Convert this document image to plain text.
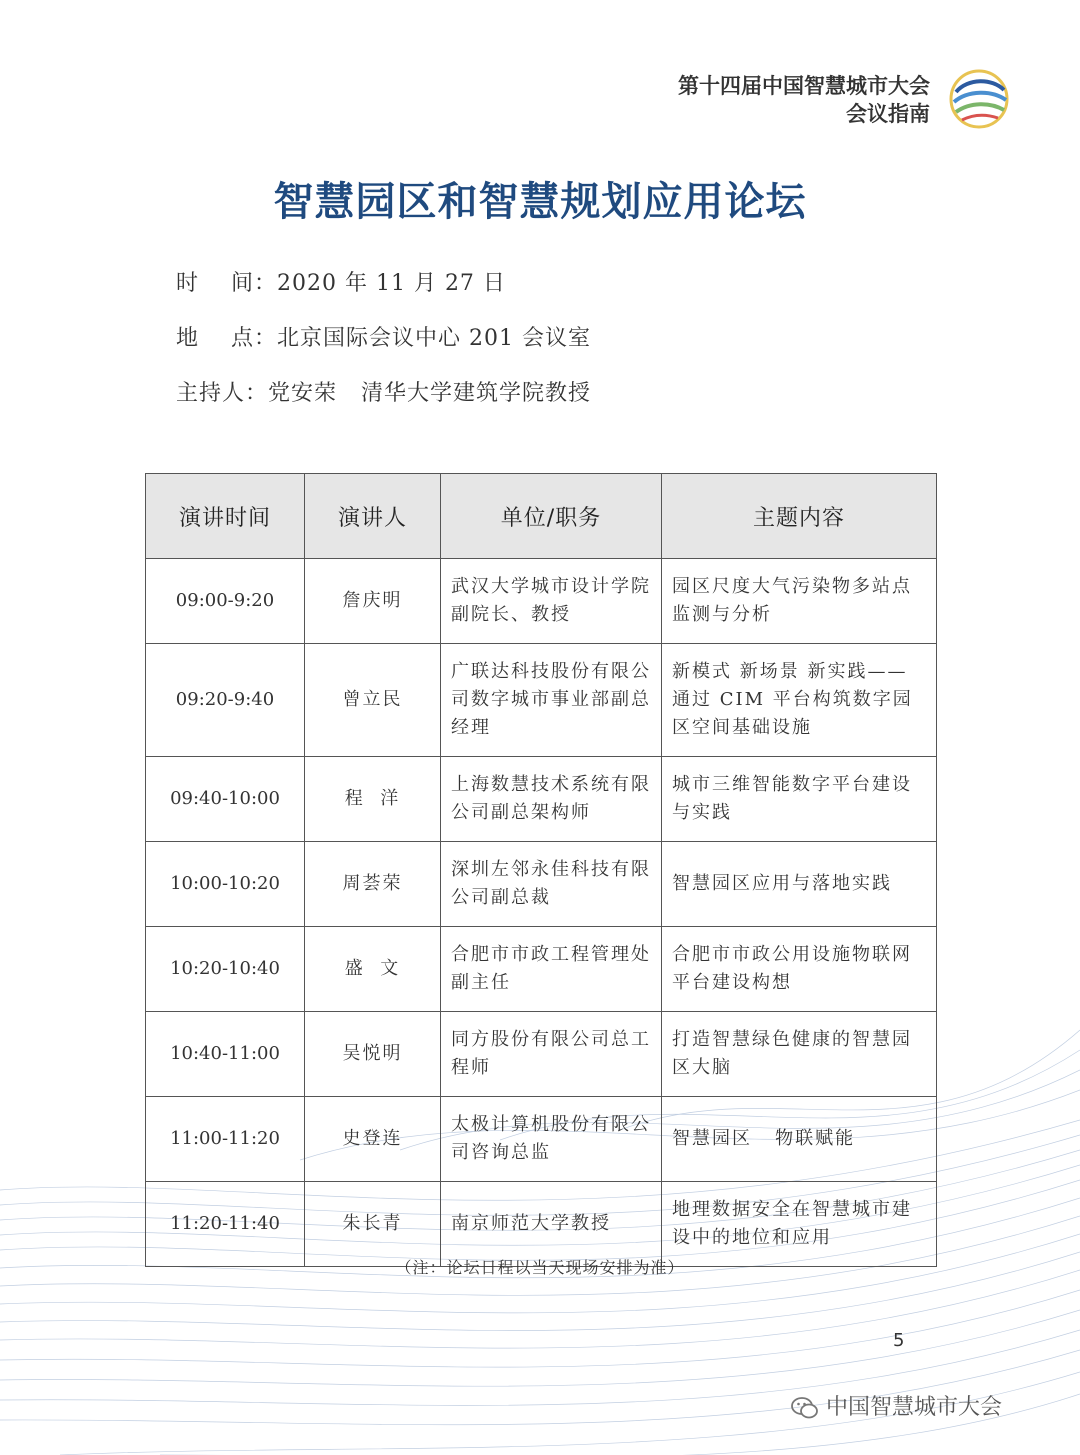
第十四届中国智慧城市大会
会议指南
智慧园区和智慧规划应用论坛
时    间：2020 年 11 月 27 日
地    点：北京国际会议中心 201 会议室
主持人：党安荣   清华大学建筑学院教授
演讲时间	演讲人	单位/职务	主题内容
09:00-9:20	詹庆明	武汉大学城市设计学院副院长、教授	园区尺度大气污染物多站点监测与分析
09:20-9:40	曾立民	广联达科技股份有限公司数字城市事业部副总经理	新模式 新场景 新实践——通过 CIM 平台构筑数字园区空间基础设施
09:40-10:00	程  洋	上海数慧技术系统有限公司副总架构师	城市三维智能数字平台建设与实践
10:00-10:20	周荟荣	深圳左邻永佳科技有限公司副总裁	智慧园区应用与落地实践
10:20-10:40	盛  文	合肥市市政工程管理处副主任	合肥市市政公用设施物联网平台建设构想
10:40-11:00	吴悦明	同方股份有限公司总工程师	打造智慧绿色健康的智慧园区大脑
11:00-11:20	史登连	太极计算机股份有限公司咨询总监	智慧园区   物联赋能
11:20-11:40	朱长青	南京师范大学教授	地理数据安全在智慧城市建设中的地位和应用
（注：论坛日程以当天现场安排为准）
5
中国智慧城市大会
